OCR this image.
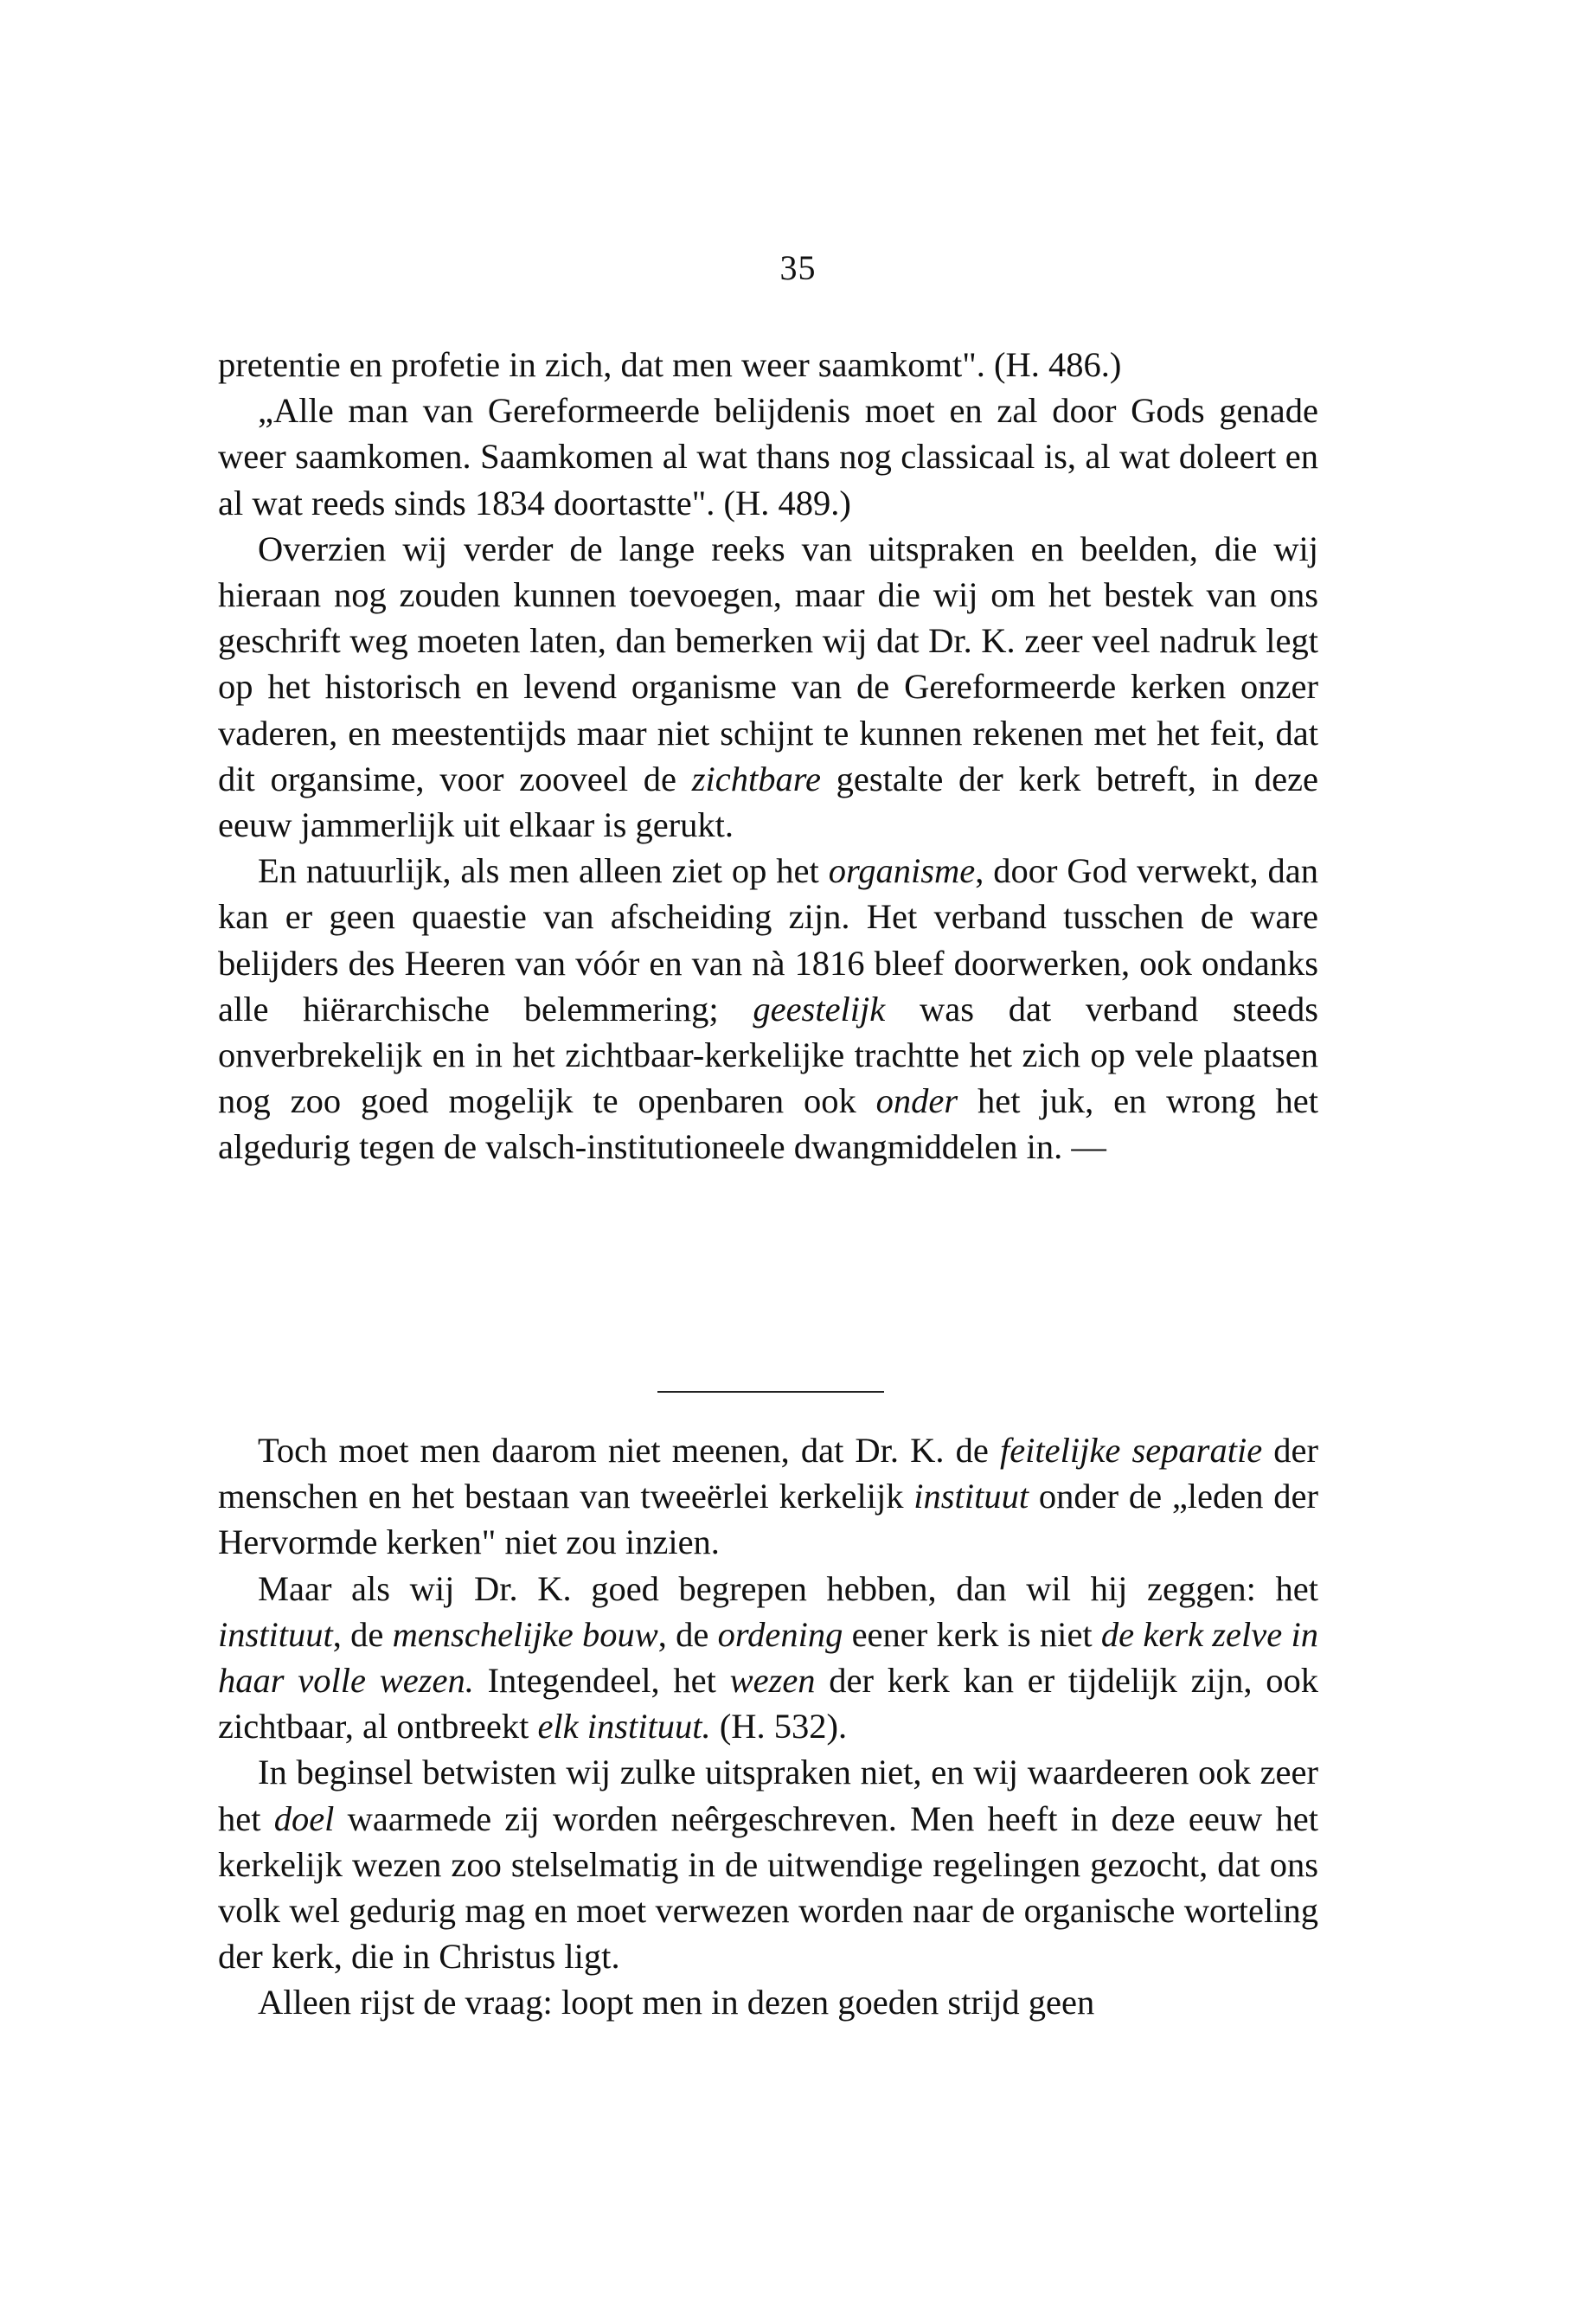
35

pretentie en profetie in zich, dat men weer saamkomt". (H. 486.)

„Alle man van Gereformeerde belijdenis moet en zal door Gods genade weer saamkomen. Saamkomen al wat thans nog classicaal is, al wat doleert en al wat reeds sinds 1834 doortastte". (H. 489.)

Overzien wij verder de lange reeks van uitspraken en beelden, die wij hieraan nog zouden kunnen toevoegen, maar die wij om het bestek van ons geschrift weg moeten laten, dan bemerken wij dat Dr. K. zeer veel nadruk legt op het historisch en levend organisme van de Gereformeerde kerken onzer vaderen, en meestentijds maar niet schijnt te kunnen rekenen met het feit, dat dit organsime, voor zooveel de zichtbare gestalte der kerk betreft, in deze eeuw jammerlijk uit elkaar is gerukt.

En natuurlijk, als men alleen ziet op het organisme, door God verwekt, dan kan er geen quaestie van afscheiding zijn. Het verband tusschen de ware belijders des Heeren van vóór en van nà 1816 bleef doorwerken, ook ondanks alle hiërarchische belemmering; geestelijk was dat verband steeds onverbrekelijk en in het zichtbaar-kerkelijke trachtte het zich op vele plaatsen nog zoo goed mogelijk te openbaren ook onder het juk, en wrong het algedurig tegen de valsch-institutioneele dwangmiddelen in. —

Toch moet men daarom niet meenen, dat Dr. K. de feitelijke separatie der menschen en het bestaan van tweeërlei kerkelijk instituut onder de „leden der Hervormde kerken" niet zou inzien.

Maar als wij Dr. K. goed begrepen hebben, dan wil hij zeggen: het instituut, de menschelijke bouw, de ordening eener kerk is niet de kerk zelve in haar volle wezen. Integendeel, het wezen der kerk kan er tijdelijk zijn, ook zichtbaar, al ontbreekt elk instituut. (H. 532).

In beginsel betwisten wij zulke uitspraken niet, en wij waardeeren ook zeer het doel waarmede zij worden neêrgeschreven. Men heeft in deze eeuw het kerkelijk wezen zoo stelselmatig in de uitwendige regelingen gezocht, dat ons volk wel gedurig mag en moet verwezen worden naar de organische worteling der kerk, die in Christus ligt.

Alleen rijst de vraag: loopt men in dezen goeden strijd geen
